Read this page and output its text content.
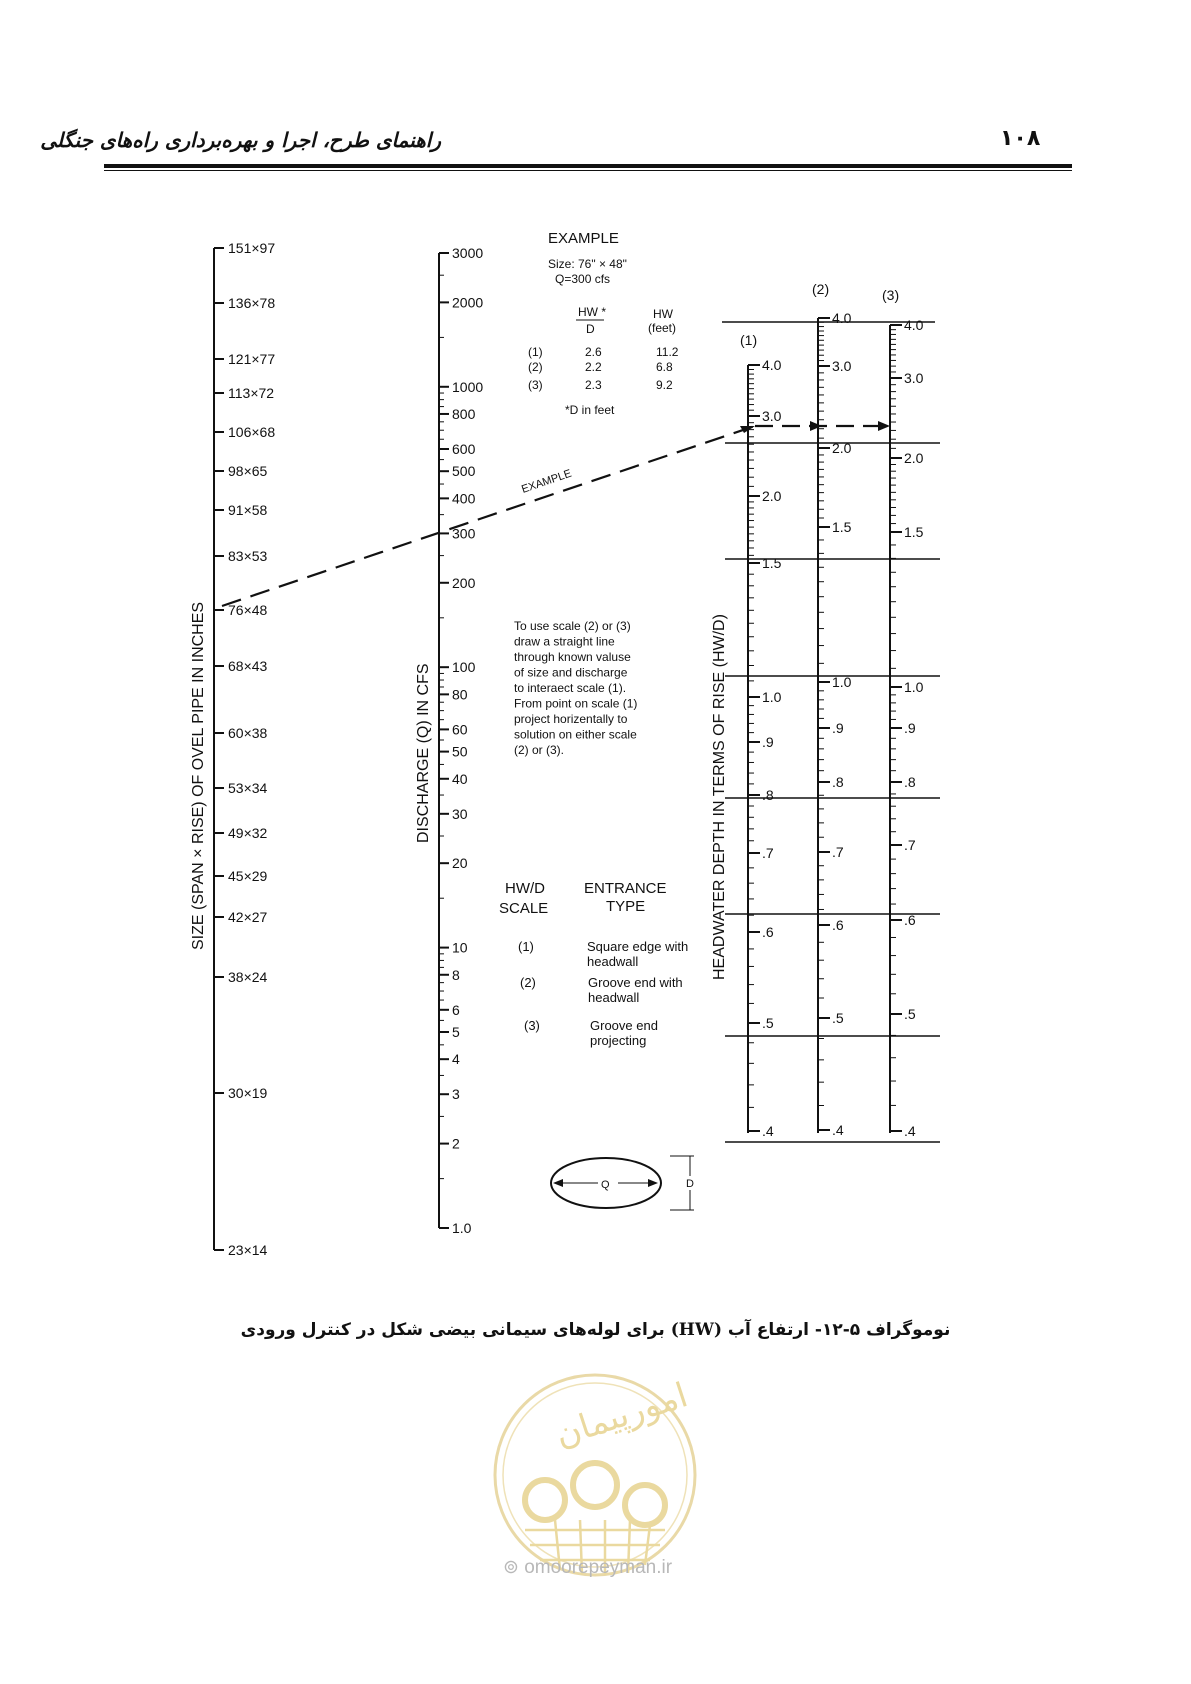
۱۰۸
راهنمای طرح، اجرا و بهره‌برداری راه‌های جنگلی
151×97
136×78
121×77
113×72
106×68
98×65
91×58
83×53
76×48
68×43
60×38
53×34
49×32
45×29
42×27
38×24
30×19
23×14
SIZE (SPAN × RISE) OF OVEL PIPE IN INCHES
3000
2000
1000
800
600
500
400
300
200
100
80
60
50
40
30
20
10
8
6
5
4
3
2
1.0
DISCHARGE (Q) IN CFS
4.0
3.0
2.0
1.5
1.0
.9
.8
.7
.6
.5
.4
(1)
4.0
3.0
2.0
1.5
1.0
.9
.8
.7
.6
.5
.4
(2)
4.0
3.0
2.0
1.5
1.0
.9
.8
.7
.6
.5
.4
(3)
HEADWATER DEPTH IN TERMS OF RISE (HW/D)
EXAMPLE
EXAMPLE
Size: 76" × 48"
Q=300 cfs
HW *
D
HW
(feet)
(1)	2.6	11.2
(2)	2.2	6.8
(3)	2.3	9.2
*D in feet
To use scale (2) or (3)
draw a straight line
through known valuse
of size and discharge
to interaect scale (1).
From point on scale (1)
project horizentally to
solution on either scale
(2) or (3).
HW/D
SCALE
ENTRANCE
TYPE
(1)	Square edge with
headwall
(2)	Groove end with
headwall
(3)	Groove end
projecting
Q	D
نوموگراف ۵-۱۲- ارتفاع آب (HW) برای لوله‌های سیمانی بیضی شکل در کنترل ورودی
امورپیمان
⊚ omoorepeyman.ir
